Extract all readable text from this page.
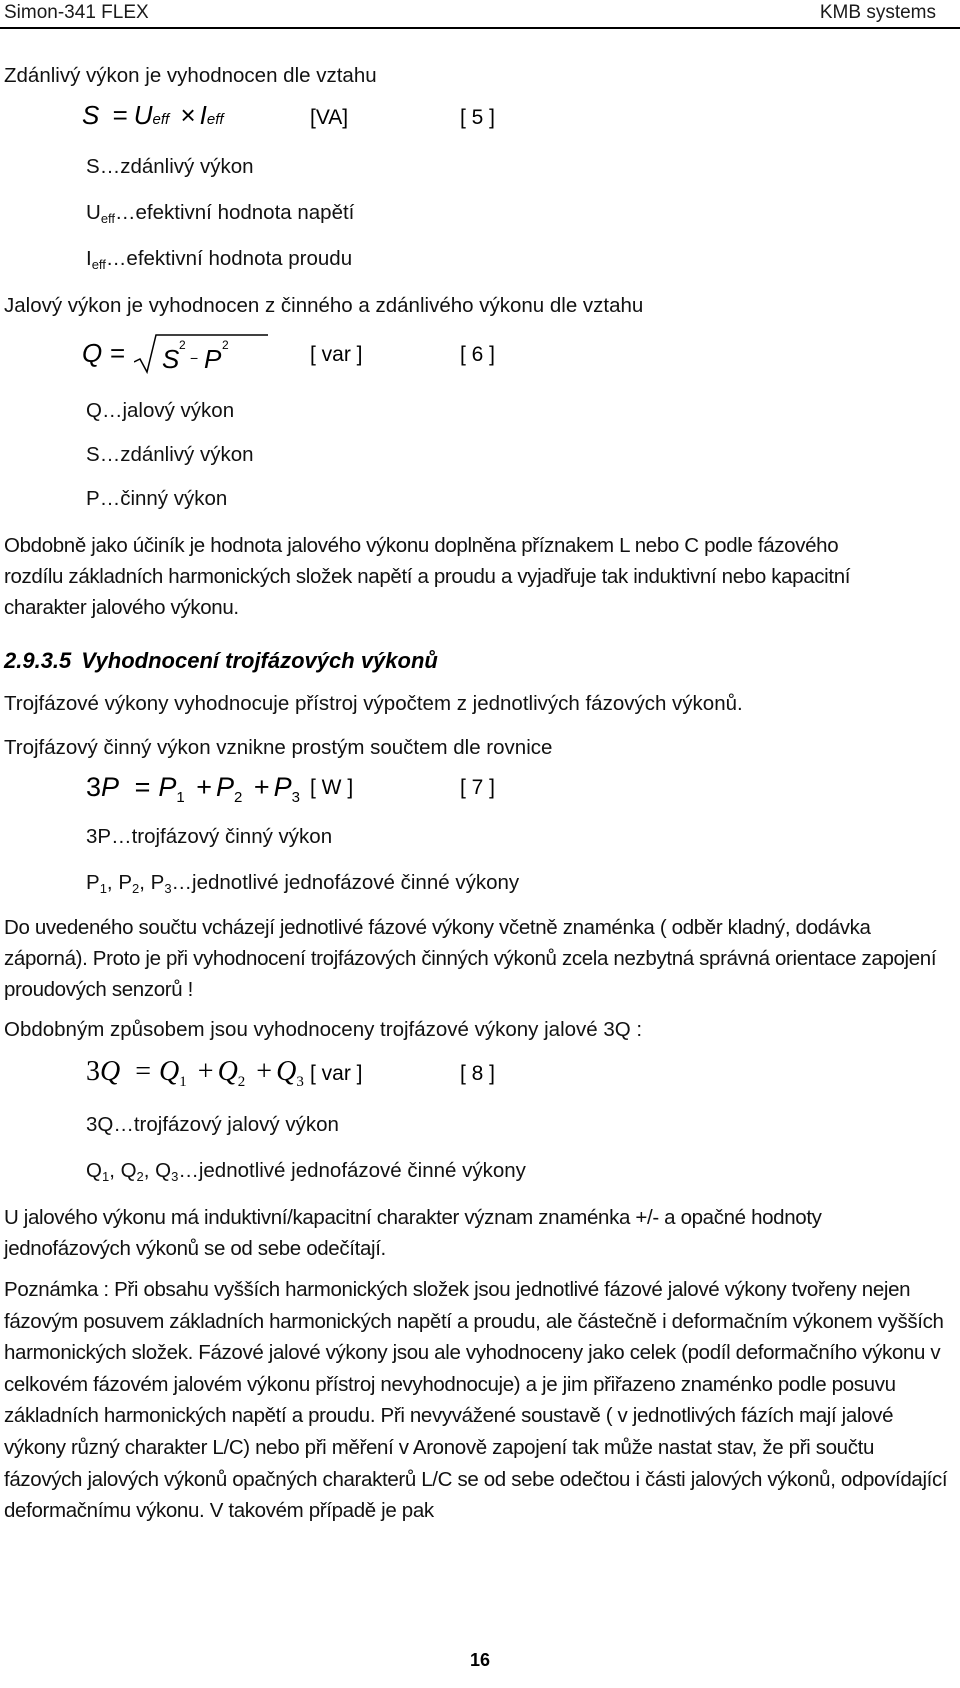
Simon-341 FLEX	KMB systems
Zdánlivý výkon je vyhodnocen dle vztahu
S = Ueff × Ieff	[VA]	[ 5 ]
S…zdánlivý výkon
$U_{eff}\dots efektivní$ hodnota napětí
$I_{eff}\dots efektivní$ hodnota proudu
Jalový výkon je vyhodnocen z činného a zdánlivého výkonu dle vztahu
Q = S 2
− P 2	[ var ]	[ 6 ]
Q…jalový výkon
S…zdánlivý výkon
P…činný výkon
Obdobně jako účiník je hodnota jalového výkonu doplněna příznakem L nebo C podle fázového rozdílu základních harmonických složek napětí a proudu a vyjadřuje tak induktivní nebo kapacitní charakter jalového výkonu.
2.9.3.5 Vyhodnocení trojfázových výkonů
Trojfázové výkony vyhodnocuje přístroj výpočtem z jednotlivých fázových výkonů.
Trojfázový činný výkon vznikne prostým součtem dle rovnice
$3P = P_1 + P_2 + P_3$ [ W ]	[ 7 ]
3P…trojfázový činný výkon
$P_1$, $P_2$, $P_3\dots jednotlivé$ jednofázové činné výkony
Do uvedeného součtu vcházejí jednotlivé fázové výkony včetně znaménka ( odběr kladný, dodávka záporná). Proto je při vyhodnocení trojfázových činných výkonů zcela nezbytná správná orientace zapojení proudových senzorů !
Obdobným způsobem jsou vyhodnoceny trojfázové výkony jalové 3Q :
$3Q = Q_1 + Q_2 + Q_3$ [ var ]	[ 8 ]
3Q…trojfázový jalový výkon
$Q_1$, $Q_2$, $Q_3\dots jednotlivé$ jednofázové činné výkony
U jalového výkonu má induktivní/kapacitní charakter význam znaménka +/- a opačné hodnoty jednofázových výkonů se od sebe odečítají.
Poznámka : Při obsahu vyšších harmonických složek jsou jednotlivé fázové jalové výkony tvořeny nejen fázovým posuvem základních harmonických napětí a proudu, ale částečně i deformačním výkonem vyšších harmonických složek. Fázové jalové výkony jsou ale vyhodnoceny jako celek (podíl deformačního výkonu v celkovém fázovém jalovém výkonu přístroj nevyhodnocuje) a je jim přiřazeno znaménko podle posuvu základních harmonických napětí a proudu. Při nevyvážené soustavě ( v jednotlivých fázích mají jalové výkony různý charakter L/C) nebo při měření v Aronově zapojení tak může nastat stav, že při součtu fázových jalových výkonů opačných charakterů L/C se od sebe odečtou i části jalových výkonů, odpovídající deformačnímu výkonu. V takovém případě je pak
16
